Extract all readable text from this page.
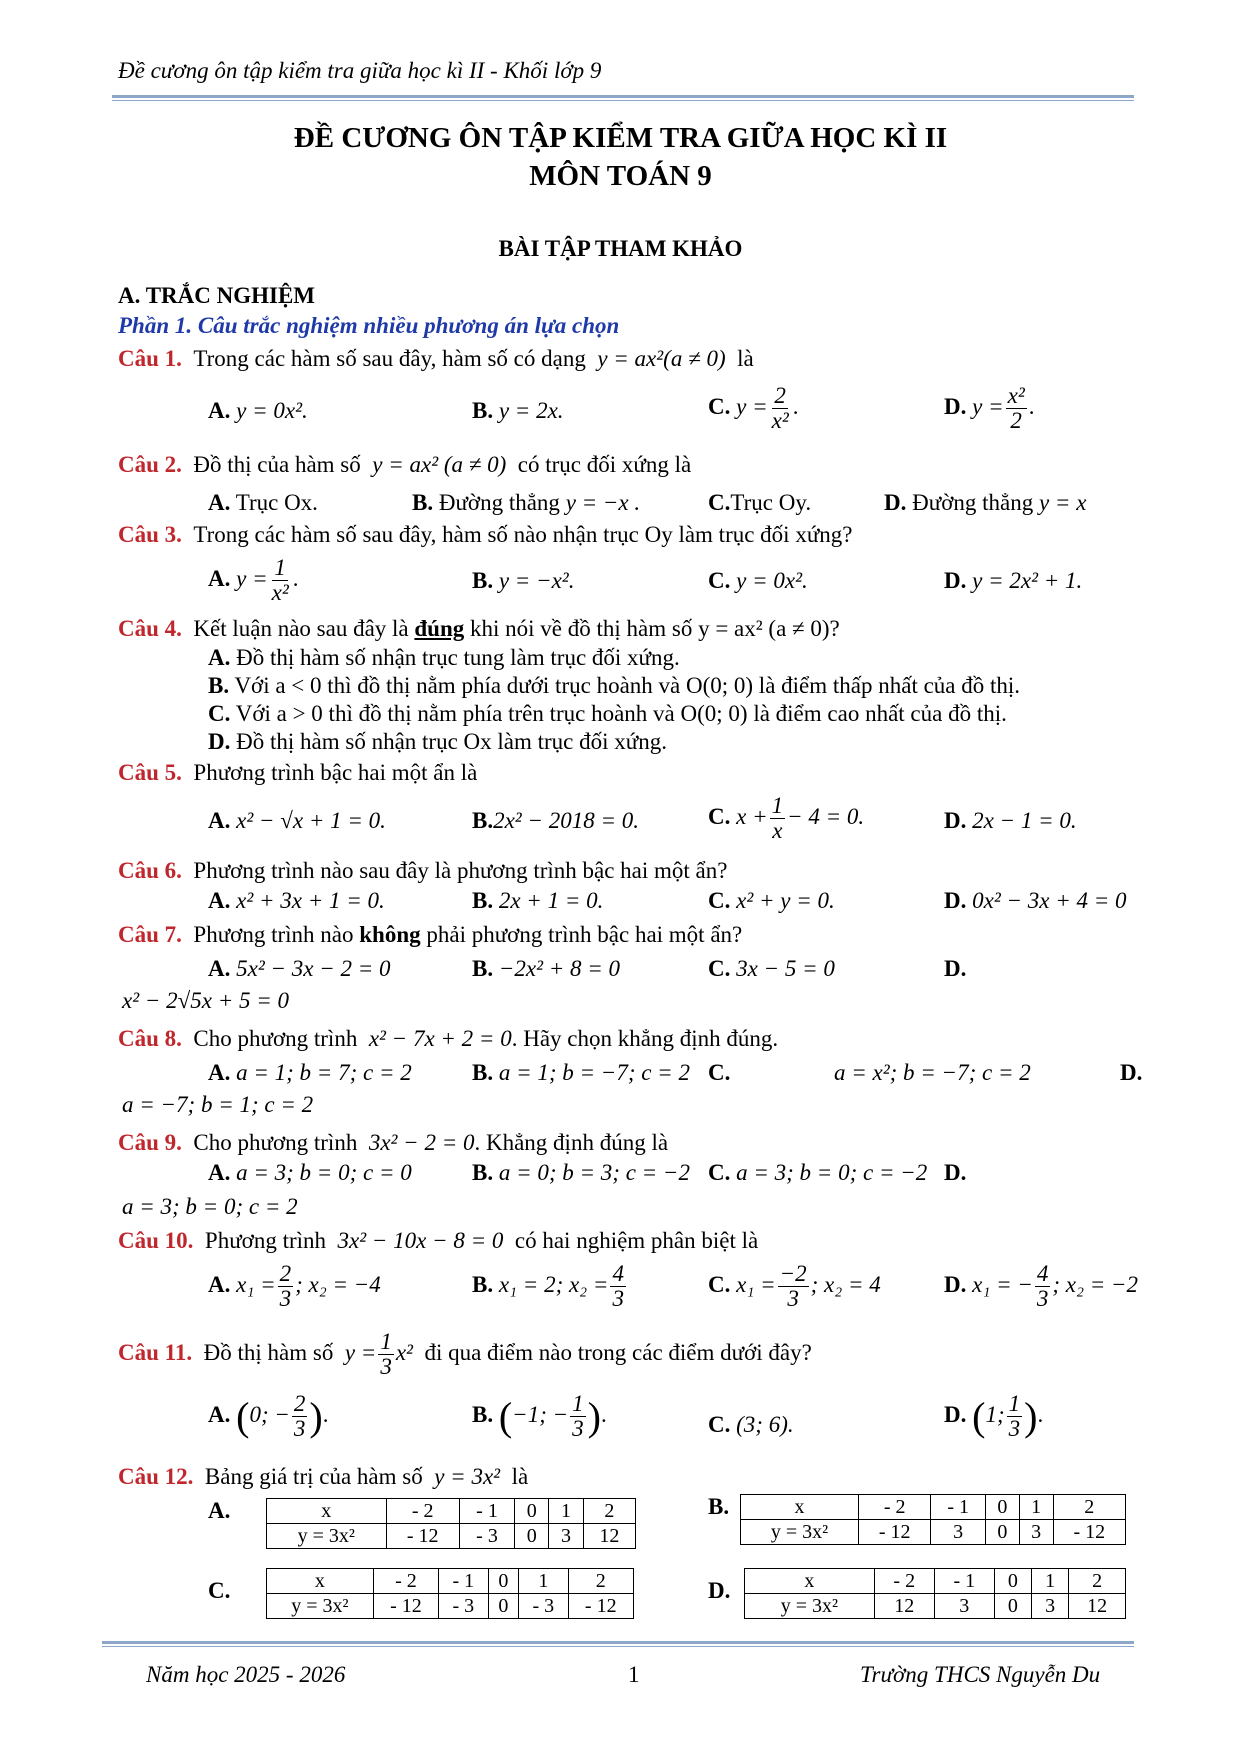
Đề cương ôn tập kiểm tra giữa học kì II - Khối lớp 9
ĐỀ CƯƠNG ÔN TẬP KIỂM TRA GIỮA HỌC KÌ II
MÔN TOÁN 9
BÀI TẬP THAM KHẢO
A. TRẮC NGHIỆM
Phần 1. Câu trắc nghiệm nhiều phương án lựa chọn
Câu 1. Trong các hàm số sau đây, hàm số có dạng y = ax²(a ≠ 0) là
A. y = 0x².	B. y = 2x.	C. $y = \frac{2}{\text{x²}}$ .	D. $y = \frac{\text{x²}}{2}$ .
Câu 2. Đồ thị của hàm số y = ax² (a ≠ 0) có trục đối xứng là
A. Trục Ox.	B. Đường thẳng y = −x .	C.Trục Oy.	D. Đường thẳng y = x
Câu 3. Trong các hàm số sau đây, hàm số nào nhận trục Oy làm trục đối xứng?
A. $y = \frac{1}{\text{x²}}$ .	B. y = −x².	C. y = 0x².	D. y = 2x² + 1.
Câu 4. Kết luận nào sau đây là đúng khi nói về đồ thị hàm số y = ax² (a ≠ 0)?
A. Đồ thị hàm số nhận trục tung làm trục đối xứng.
B. Với a < 0 thì đồ thị nằm phía dưới trục hoành và O(0; 0) là điểm thấp nhất của đồ thị.
C. Với a > 0 thì đồ thị nằm phía trên trục hoành và O(0; 0) là điểm cao nhất của đồ thị.
D. Đồ thị hàm số nhận trục Ox làm trục đối xứng.
Câu 5. Phương trình bậc hai một ẩn là
A. x² − √x + 1 = 0.	B.2x² − 2018 = 0.	C. $x + \frac{1}{x} - 4 = 0$.	D. 2x − 1 = 0.
Câu 6. Phương trình nào sau đây là phương trình bậc hai một ẩn?
A. x² + 3x + 1 = 0.	B. 2x + 1 = 0.	C. x² + y = 0.	D. 0x² − 3x + 4 = 0
Câu 7. Phương trình nào không phải phương trình bậc hai một ẩn?
A. 5x² − 3x − 2 = 0	B. −2x² + 8 = 0	C. 3x − 5 = 0	D.
x² − 2√5x + 5 = 0
Câu 8. Cho phương trình x² − 7x + 2 = 0. Hãy chọn khẳng định đúng.
A. a = 1; b = 7; c = 2	B. a = 1; b = −7; c = 2 C.	a = x²; b = −7; c = 2	D.
a = −7; b = 1; c = 2
Câu 9. Cho phương trình 3x² − 2 = 0. Khẳng định đúng là
A. a = 3; b = 0; c = 0	B. a = 0; b = 3; c = −2 C. a = 3; b = 0; c = −2 D.
a = 3; b = 0; c = 2
Câu 10. Phương trình 3x² − 10x − 8 = 0 có hai nghiệm phân biệt là
A. $x_1 = \frac{2}{3}$ ; x₂ = −4	B. x₁ = 2; $x_2 = \frac{4}{3}$	C. $x_1 = \frac{-2}{3}$ ; x₂ = 4	D. x₁ = − $\frac{4}{3}$ ; x₂ = −2
Câu 11. Đồ thị hàm số $y = \frac{1}{3} x^2$ đi qua điểm nào trong các điểm dưới đây?
A. (0; − $\frac{2}{3}$ ).	B. (−1; − $\frac{1}{3}$ ).	C. (3; 6).	D. (1; $\frac{1}{3}$ ).
Câu 12. Bảng giá trị của hàm số y = 3x² là
A.	x	- 2	- 1	0	1	2
y = 3x²	- 12	- 3	0	3	12
B.	x	- 2	- 1	0	1	2
y = 3x²	- 12	3	0	3	- 12
C.	x	- 2	- 1	0	1	2
y = 3x²	- 12	- 3	0	- 3	- 12
D.	x	- 2	- 1	0	1	2
y = 3x²	12	3	0	3	12
Năm học 2025 - 2026	1	Trường THCS Nguyễn Du
